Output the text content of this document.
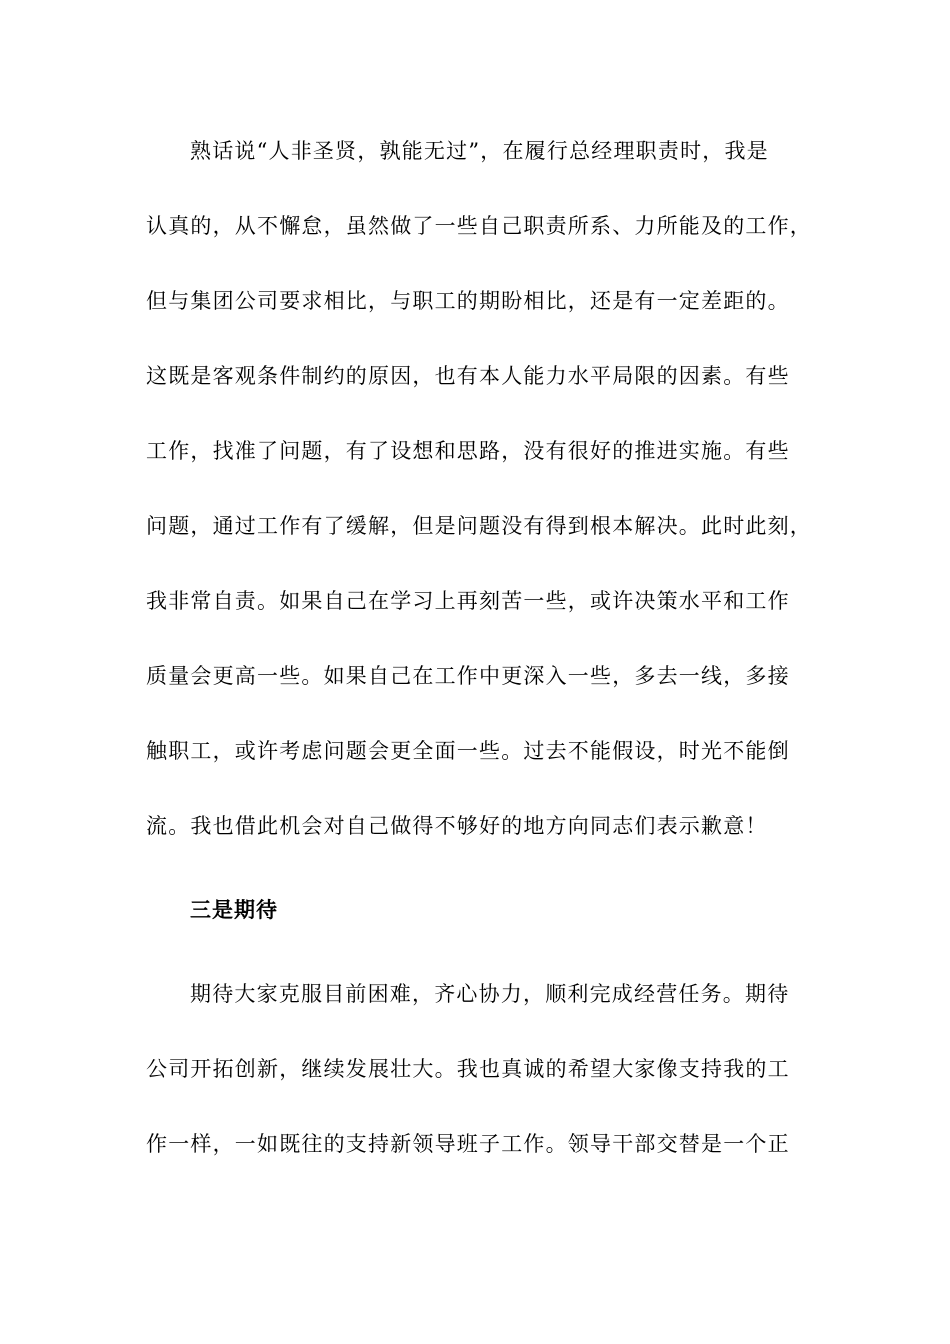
熟话说“人非圣贤，孰能无过”，在履行总经理职责时，我是
认真的，从不懈怠，虽然做了一些自己职责所系、力所能及的工作，
但与集团公司要求相比，与职工的期盼相比，还是有一定差距的。
这既是客观条件制约的原因，也有本人能力水平局限的因素。有些
工作，找准了问题，有了设想和思路，没有很好的推进实施。有些
问题，通过工作有了缓解，但是问题没有得到根本解决。此时此刻，
我非常自责。如果自己在学习上再刻苦一些，或许决策水平和工作
质量会更高一些。如果自己在工作中更深入一些，多去一线，多接
触职工，或许考虑问题会更全面一些。过去不能假设，时光不能倒
流。我也借此机会对自己做得不够好的地方向同志们表示歉意！
三是期待
期待大家克服目前困难，齐心协力，顺利完成经营任务。期待
公司开拓创新，继续发展壮大。我也真诚的希望大家像支持我的工
作一样，一如既往的支持新领导班子工作。领导干部交替是一个正
